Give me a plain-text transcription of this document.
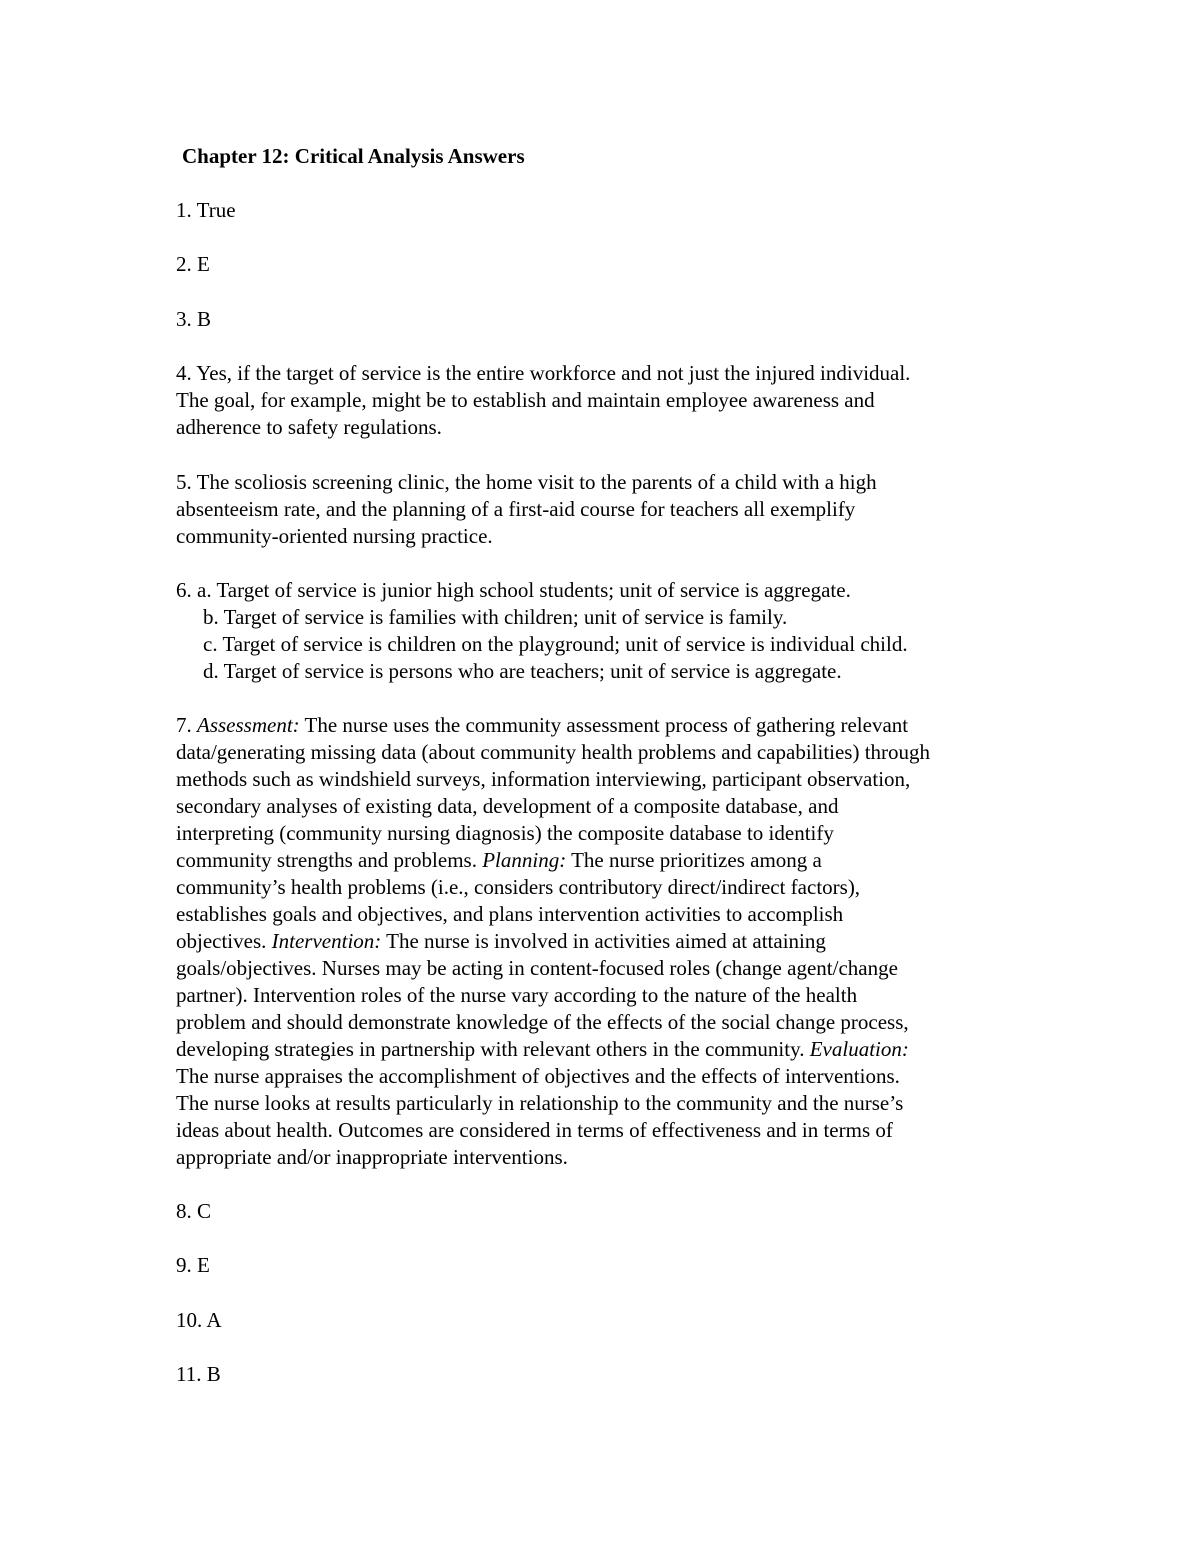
Chapter 12: Critical Analysis Answers
1. True
2. E
3. B
4. Yes, if the target of service is the entire workforce and not just the injured individual.
The goal, for example, might be to establish and maintain employee awareness and
adherence to safety regulations.
5. The scoliosis screening clinic, the home visit to the parents of a child with a high
absenteeism rate, and the planning of a first-aid course for teachers all exemplify
community-oriented nursing practice.
6. a. Target of service is junior high school students; unit of service is aggregate.
b. Target of service is families with children; unit of service is family.
c. Target of service is children on the playground; unit of service is individual child.
d. Target of service is persons who are teachers; unit of service is aggregate.
7. Assessment: The nurse uses the community assessment process of gathering relevant
data/generating missing data (about community health problems and capabilities) through
methods such as windshield surveys, information interviewing, participant observation,
secondary analyses of existing data, development of a composite database, and
interpreting (community nursing diagnosis) the composite database to identify
community strengths and problems. Planning: The nurse prioritizes among a
community’s health problems (i.e., considers contributory direct/indirect factors),
establishes goals and objectives, and plans intervention activities to accomplish
objectives. Intervention: The nurse is involved in activities aimed at attaining
goals/objectives. Nurses may be acting in content-focused roles (change agent/change
partner). Intervention roles of the nurse vary according to the nature of the health
problem and should demonstrate knowledge of the effects of the social change process,
developing strategies in partnership with relevant others in the community. Evaluation:
The nurse appraises the accomplishment of objectives and the effects of interventions.
The nurse looks at results particularly in relationship to the community and the nurse’s
ideas about health. Outcomes are considered in terms of effectiveness and in terms of
appropriate and/or inappropriate interventions.
8. C
9. E
10. A
11. B
